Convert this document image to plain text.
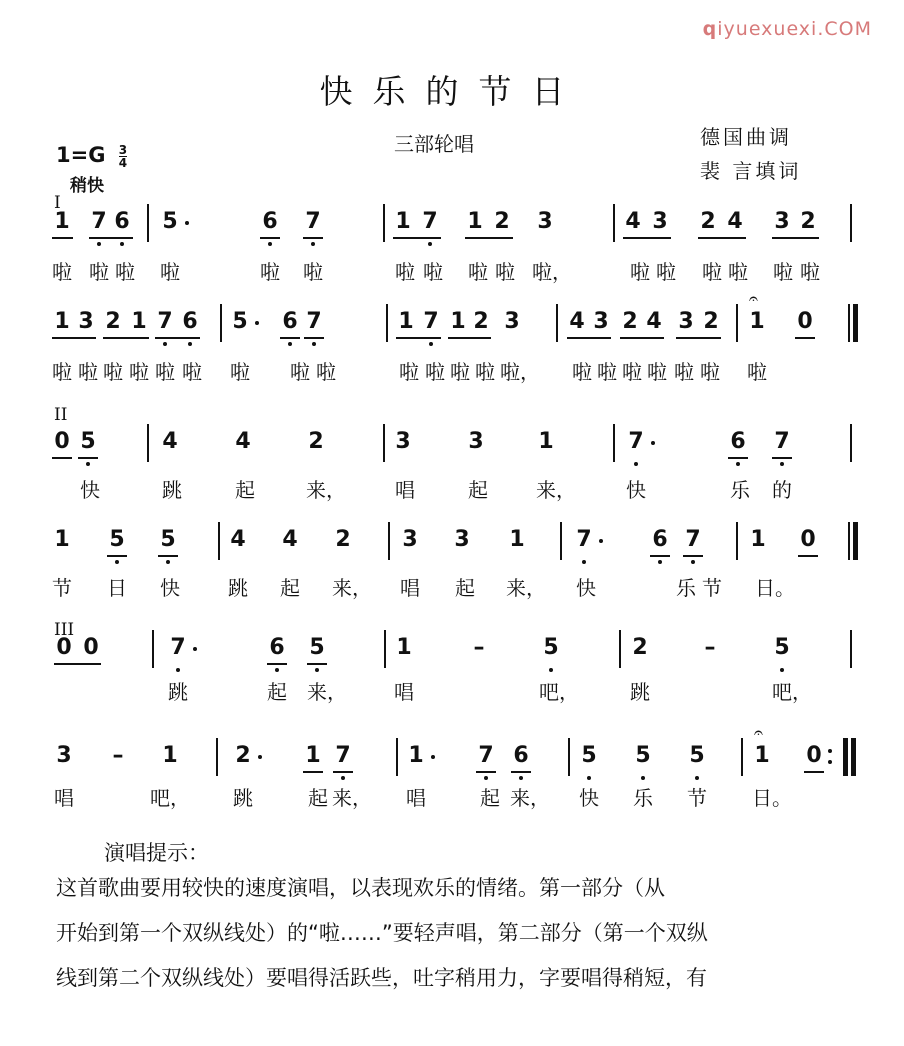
qiyuexuexi.COM
快乐的节日
三部轮唱	德国曲调
裴 言填词
$1=G \frac{3}{4}$
稍快
I
II
III
1 7 6 5	6 7	1 7 1 2 3	4 3 2 4 3 2
啦 啦 啦 啦	啦 啦	啦 啦 啦 啦 啦，	啦 啦 啦 啦 啦 啦
1 3 2 1 7 6 5 6 7	1 7 1 2 3 4 3 2 4 3 2 1
𝄐
0
啦 啦 啦 啦 啦 啦 啦 啦 啦	啦 啦 啦 啦 啦， 啦 啦 啦 啦 啦 啦 啦
0 5	4	4	2	3	3 1	7	6 7
快	跳	起	来， 唱	起 来，	快	乐 的
1 5 5 4 4 2 3 3 1 7	6 7 1 0
节 日 快 跳 起 来， 唱 起 来， 快	乐 节 日。
0 0	7	6 5	1	–	5	2	–	5
跳	起 来， 唱	吧，	跳	吧，
3 – 1	2 1 7	1 7 6 5 5 5 1
𝄐
0
唱	吧， 跳	起 来， 唱	起 来， 快 乐 节 日。
演唱提示：
这首歌曲要用较快的速度演唱，以表现欢乐的情绪。第一部分（从
开始到第一个双纵线处）的“啦……”要轻声唱，第二部分（第一个双纵
线到第二个双纵线处）要唱得活跃些，吐字稍用力，字要唱得稍短，有
